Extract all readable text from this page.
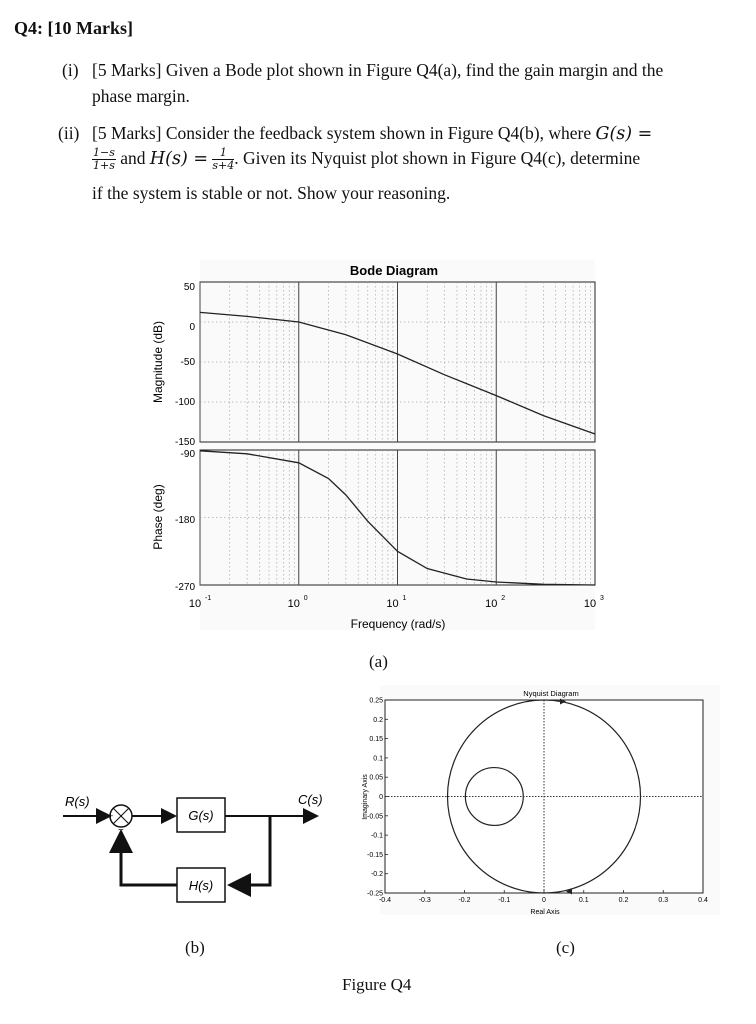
Q4: [10 Marks]
(i) [5 Marks] Given a Bode plot shown in Figure Q4(a), find the gain margin and the
phase margin.
(ii) [5 Marks] Consider the feedback system shown in Figure Q4(b), where G(s) =
$\frac{1-s}{1+s}$ and $H(s) = \frac{1}{s+4}$ . Given its Nyquist plot shown in Figure Q4(c), determine
if the system is stable or not. Show your reasoning.
Bode Diagram
50
0
-50
-100
-150
-90
-180
-270
Magnitude (dB)
Phase (deg)
10 -1	10 0	10 1	10 2	10 3
Frequency (rad/s)
(a)
R(s)	C(s)
+
−
G(s)
H(s)
(b)
Nyquist Diagram
0.25
0.2
0.15
0.1
0.05
0
-0.05
-0.1
-0.15
-0.2
-0.25
-0.4	-0.3	-0.2	-0.1	0	0.1	0.2	0.3	0.4
Imaginary Axis
Real Axis
(c)
Figure Q4
